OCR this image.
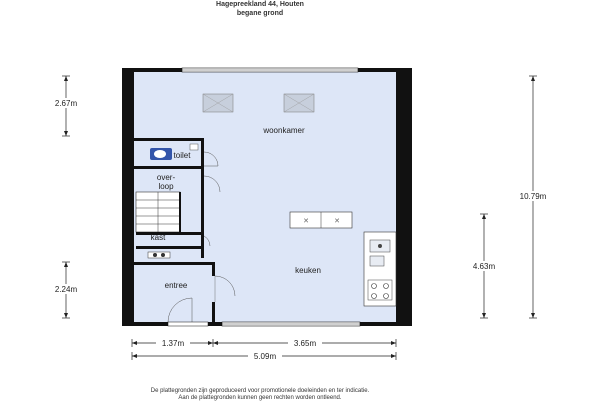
Hagepreekland 44, Houten
begane grond
✕	✕
woonkamer
toilet
over-
loop
kast
keuken
entree
2.67m
2.24m
10.79m
4.63m
1.37m	3.65m
5.09m
De plattegronden zijn geproduceerd voor promotionele doeleinden en ter indicatie.
Aan de plattegronden kunnen geen rechten worden ontleend.
